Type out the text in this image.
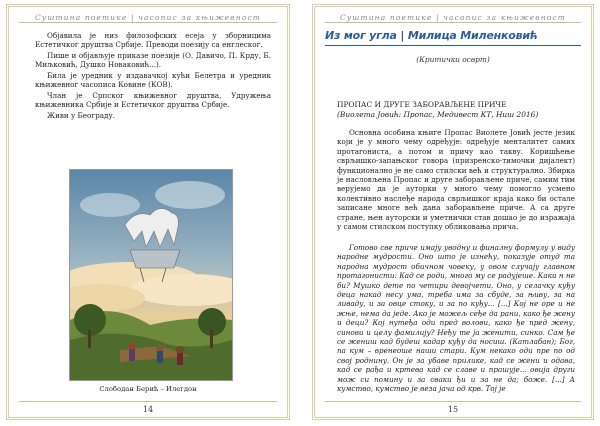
Суштина поетике | часопис за књижевност

Објавила је низ филозофских есеја у зборницима Естетичког друштва Србије. Преводи поезију са енглеског.

Пише и објављује приказе поезије (О. Давичо, П. Крду, Б. Миљковић, Душко Новаковић...).

Била је уредник у издавачкој кући Белетра и уредник књижевног часописа Ковине (КОВ).

Члан је Српског књижевног друштва, Удружења књижевника Србије и Естетичког друштва Србије.

Живи у Београду.

Слободан Берић – Илегдон
14
Суштина поетике | часопис за књижевност
Из мог угла | Милица Миленковић
(Критички осврт)
ПРОПАС И ДРУГЕ ЗАБОРАВЉЕНЕ ПРИЧЕ
(Виолета Јовић: Пропас, Медивест КТ, Ниш 2016)

Основна особина књиге Пропас Виолете Јовић јесте језик који је у много чему одређује: одређује менталитет самих протагониста, а потом и причу као такву. Коришћење сврљишко-запањског говора (призренско-тимочки дијалект) функционално је не само стилски већ и структурално. Збирка је насловљена Пропас и друге заборављене приче, самим тим верујемо да је ауторки у много чему помогло усмено колективно наслеђе народа сврљишког краја како би остале записане многе већ дана заборављене приче. А са друге стране, њен ауторски и уметнички став дошао је до изражаја у самом стилском поступку обликовања прича.

Готово све приче имају уводну и финалну формулу у виду народне мудрости. Оно што је изнећу, показује отуд та народна мудрост обичном човеку, у овом случају главном протагонисти: Кад се роди, много му се радујеше. Каки н не би? Мушко дете по четири девојчети. Оно, у селачку куђу деца накад несу ума, треба има за сбуде, за њиву, за на ливаду, и за овце стоку, и за по куђу... [...] Кој не оре и не жње, нема да једе. Ако је можељ сеђе да рани, како ђе жену и деци? Кој нуmeђа оди пред волови, како ђе пред жену, синови и целу фамилију? Неђу те ја женити, синко. Сам ђе се жениш кад будеш кадар куђу да носиш. (Катлабан); Бог, па кум – вренеоше наши стари. Кум некако оди пре по од свој роднину. Он је за убаве прилике, кад се жени и одава, кад се рађа и кртева кад се славе и прашује... овија други мож си помину и за сваки ђи и за не да; боже. [...] А кумство, кумство је веза јача од крв. Тој је

15
